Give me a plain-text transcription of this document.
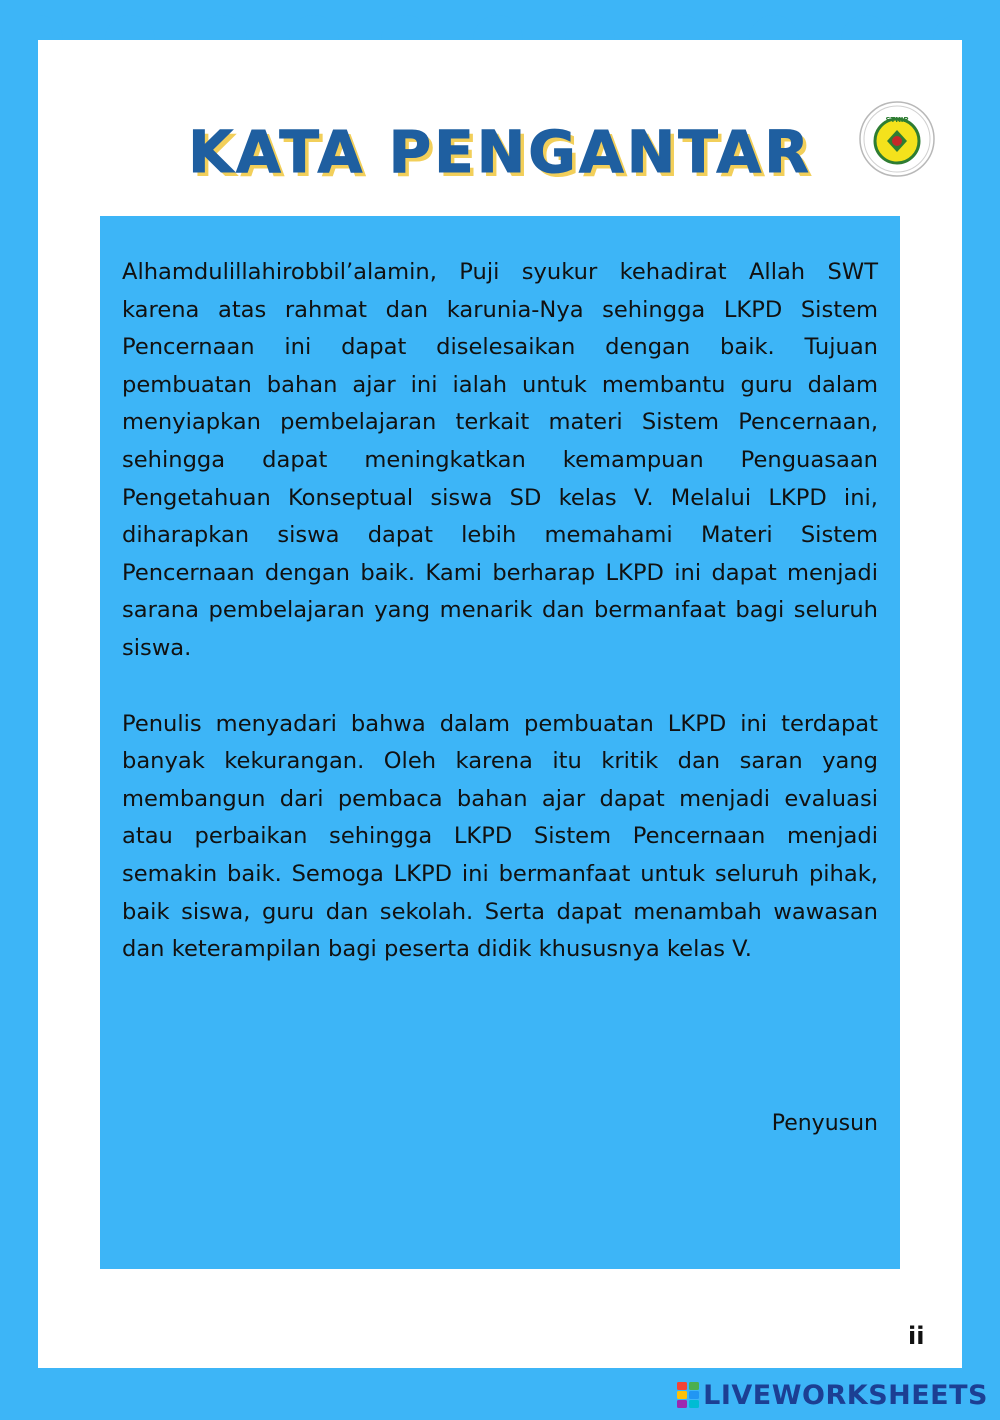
KATA PENGANTAR	STKIP

Alhamdulillahirobbil’alamin, Puji syukur kehadirat Allah SWT karena atas rahmat dan karunia-Nya sehingga LKPD Sistem Pencernaan ini dapat diselesaikan dengan baik. Tujuan pembuatan bahan ajar ini ialah untuk membantu guru dalam menyiapkan pembelajaran terkait materi Sistem Pencernaan, sehingga dapat meningkatkan kemampuan Penguasaan Pengetahuan Konseptual siswa SD kelas V. Melalui LKPD ini, diharapkan siswa dapat lebih memahami Materi Sistem Pencernaan dengan baik. Kami berharap LKPD ini dapat menjadi sarana pembelajaran yang menarik dan bermanfaat bagi seluruh siswa.

Penulis menyadari bahwa dalam pembuatan LKPD ini terdapat banyak kekurangan. Oleh karena itu kritik dan saran yang membangun dari pembaca bahan ajar dapat menjadi evaluasi atau perbaikan sehingga LKPD Sistem Pencernaan menjadi semakin baik. Semoga LKPD ini bermanfaat untuk seluruh pihak, baik siswa, guru dan sekolah. Serta dapat menambah wawasan dan keterampilan bagi peserta didik khususnya kelas V.

Penyusun
ii
LIVEWORKSHEETS
